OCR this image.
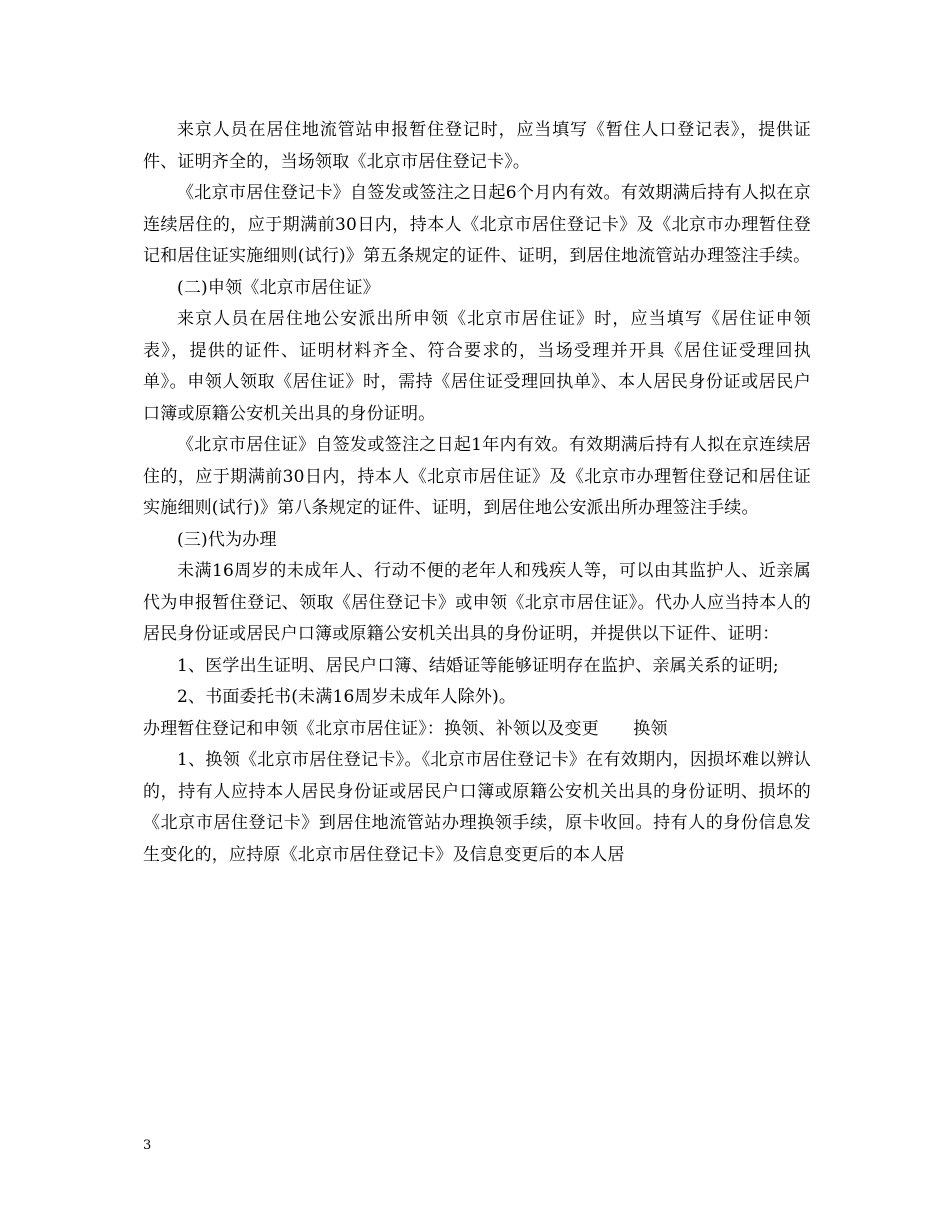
来京人员在居住地流管站申报暂住登记时，应当填写《暂住人口登记表》，提供证件、证明齐全的，当场领取《北京市居住登记卡》。

《北京市居住登记卡》自签发或签注之日起6个月内有效。有效期满后持有人拟在京连续居住的，应于期满前30日内，持本人《北京市居住登记卡》及《北京市办理暂住登记和居住证实施细则(试行)》第五条规定的证件、证明，到居住地流管站办理签注手续。

(二)申领《北京市居住证》

来京人员在居住地公安派出所申领《北京市居住证》时，应当填写《居住证申领表》，提供的证件、证明材料齐全、符合要求的，当场受理并开具《居住证受理回执单》。申领人领取《居住证》时，需持《居住证受理回执单》、本人居民身份证或居民户口簿或原籍公安机关出具的身份证明。

《北京市居住证》自签发或签注之日起1年内有效。有效期满后持有人拟在京连续居住的，应于期满前30日内，持本人《北京市居住证》及《北京市办理暂住登记和居住证实施细则(试行)》第八条规定的证件、证明，到居住地公安派出所办理签注手续。

(三)代为办理

未满16周岁的未成年人、行动不便的老年人和残疾人等，可以由其监护人、近亲属代为申报暂住登记、领取《居住登记卡》或申领《北京市居住证》。代办人应当持本人的居民身份证或居民户口簿或原籍公安机关出具的身份证明，并提供以下证件、证明：

1、医学出生证明、居民户口簿、结婚证等能够证明存在监护、亲属关系的证明;

2、书面委托书(未满16周岁未成年人除外)。

办理暂住登记和申领《北京市居住证》：换领、补领以及变更　　换领

1、换领《北京市居住登记卡》。《北京市居住登记卡》在有效期内，因损坏难以辨认的，持有人应持本人居民身份证或居民户口簿或原籍公安机关出具的身份证明、损坏的《北京市居住登记卡》到居住地流管站办理换领手续，原卡收回。持有人的身份信息发生变化的，应持原《北京市居住登记卡》及信息变更后的本人居

3
